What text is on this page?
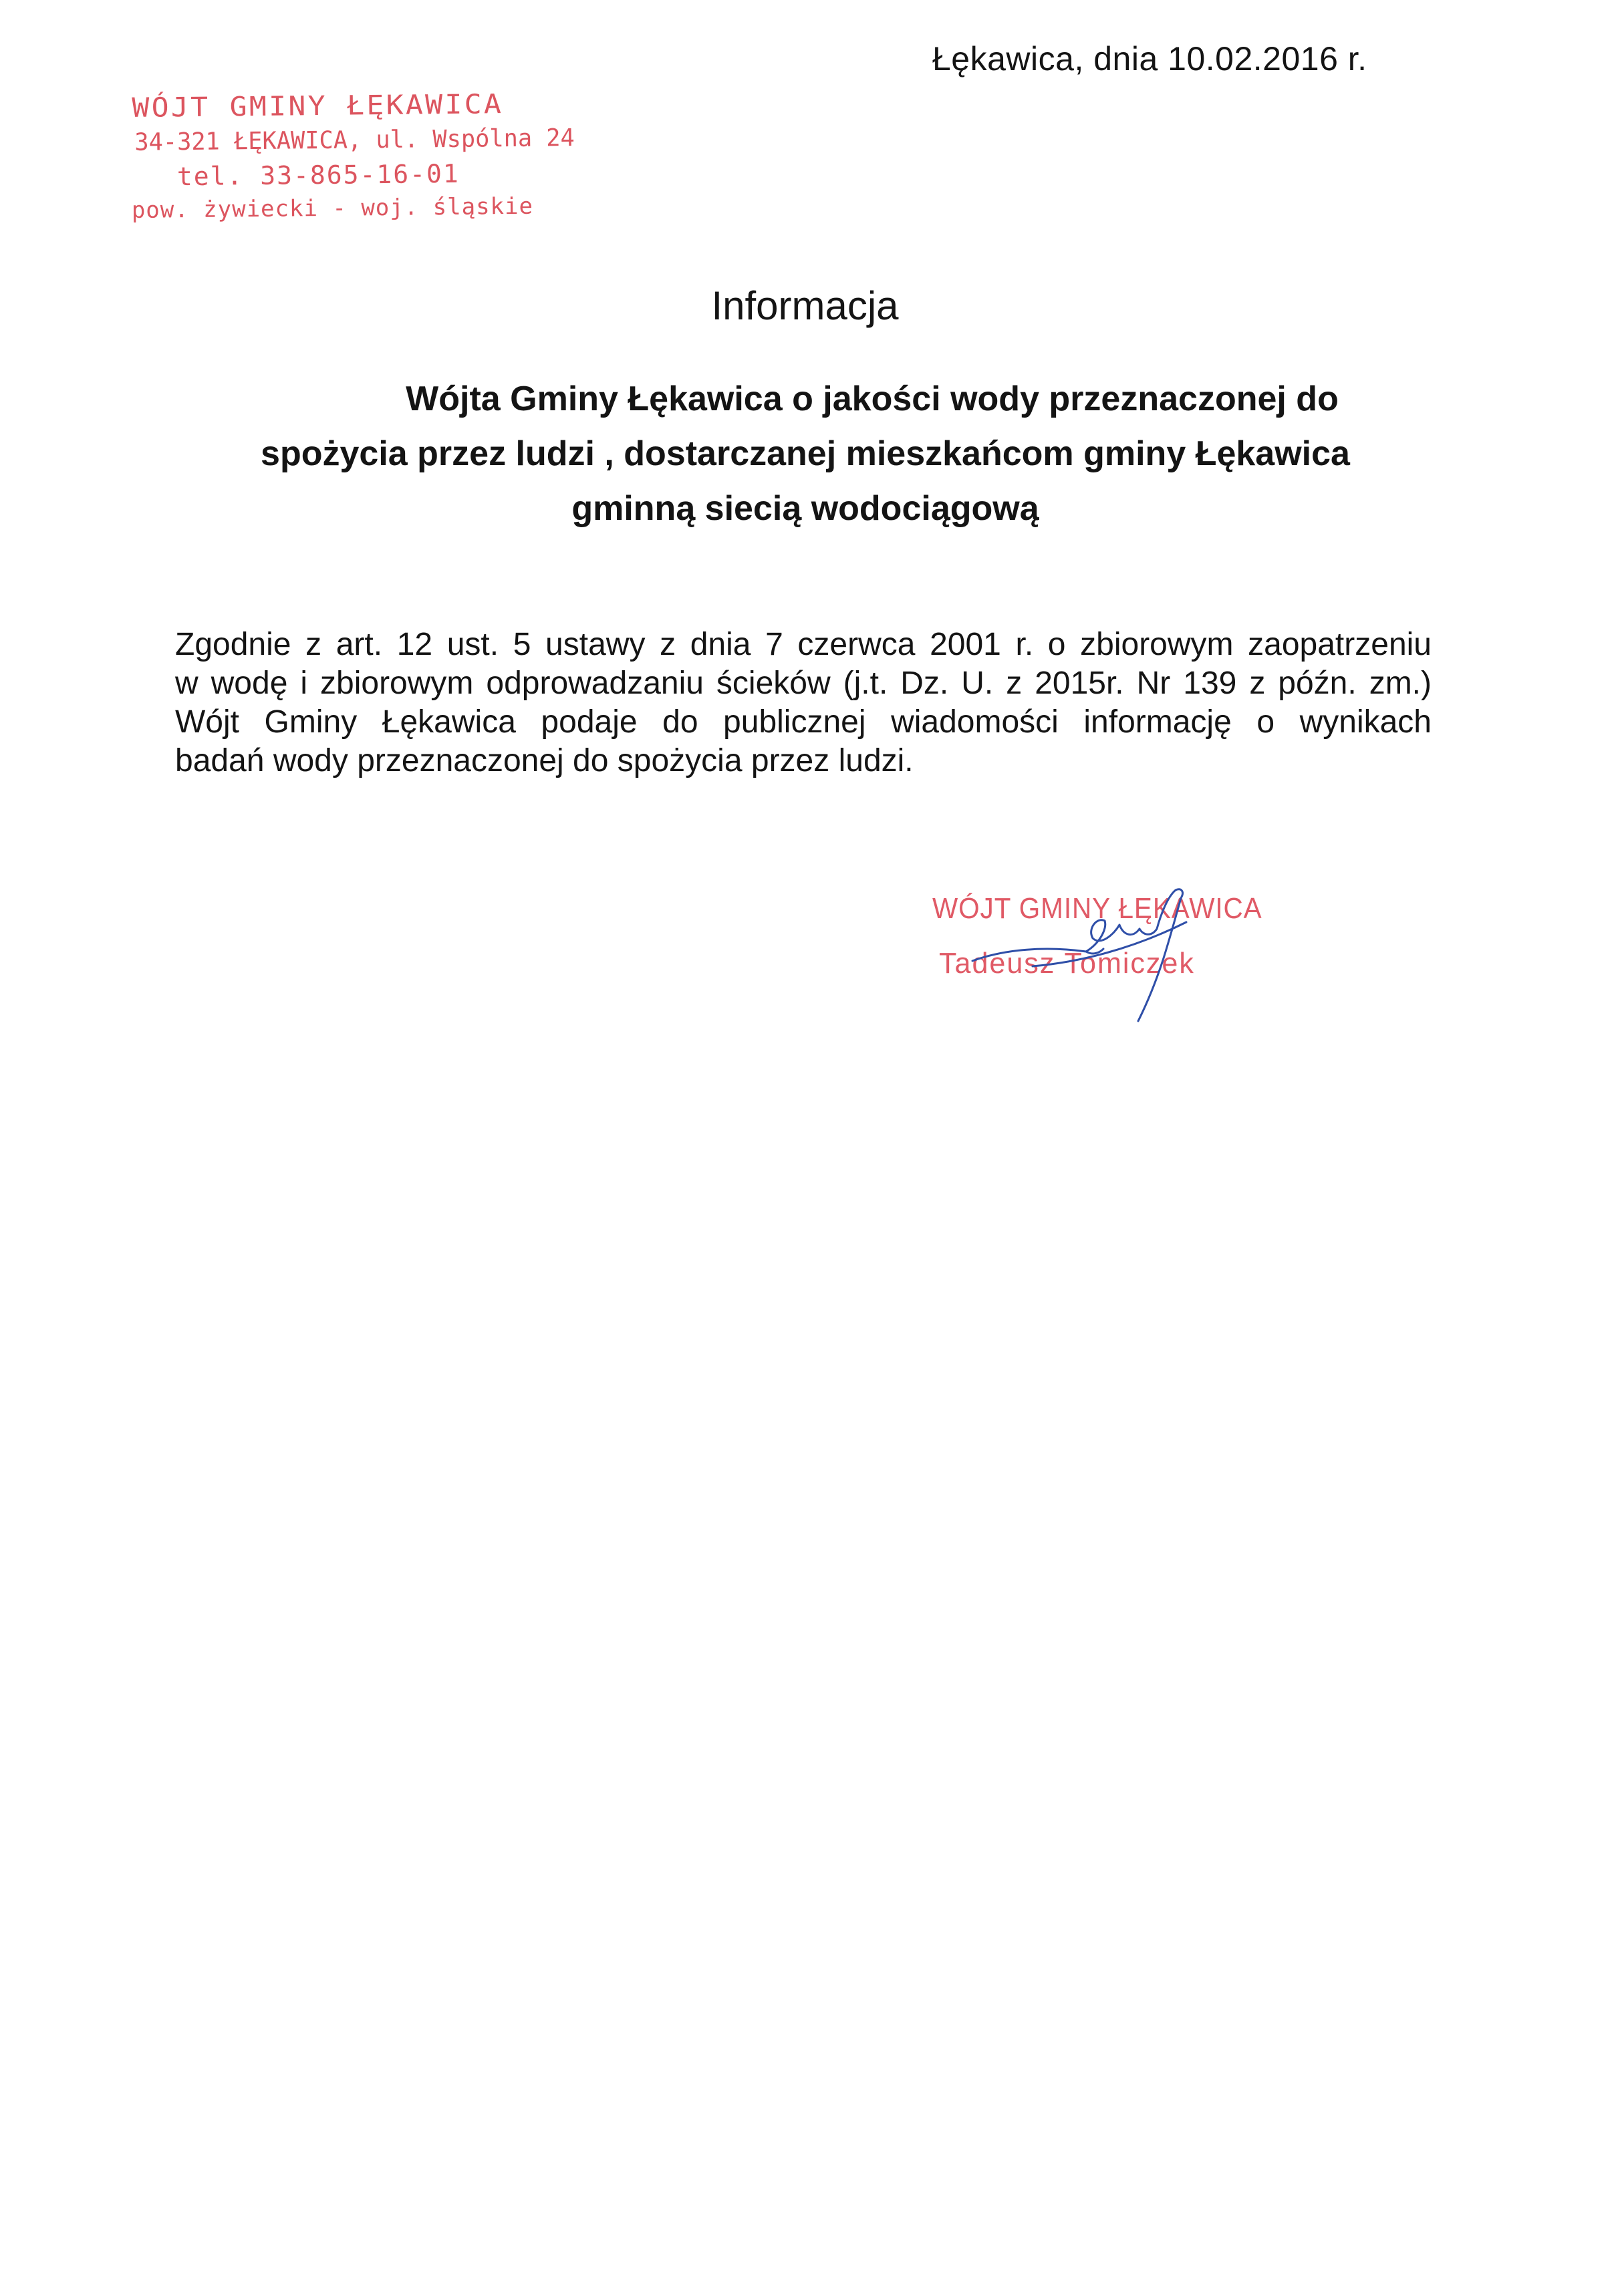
Łękawica, dnia 10.02.2016 r.
WÓJT GMINY ŁĘKAWICA
34-321 ŁĘKAWICA, ul. Wspólna 24
tel. 33-865-16-01
pow. żywiecki - woj. śląskie
Informacja
Wójta Gminy Łękawica o jakości wody przeznaczonej do
spożycia przez ludzi , dostarczanej mieszkańcom gminy Łękawica
gminną siecią wodociągową
Zgodnie z art. 12 ust. 5 ustawy z dnia 7 czerwca 2001 r. o zbiorowym zaopatrzeniu
w wodę i zbiorowym odprowadzaniu ścieków (j.t. Dz. U. z 2015r. Nr 139 z późn. zm.)
Wójt Gminy Łękawica podaje do publicznej wiadomości informację o wynikach
badań wody przeznaczonej do spożycia przez ludzi.
WÓJT GMINY ŁĘKAWICA
Tadeusz Tomiczek
